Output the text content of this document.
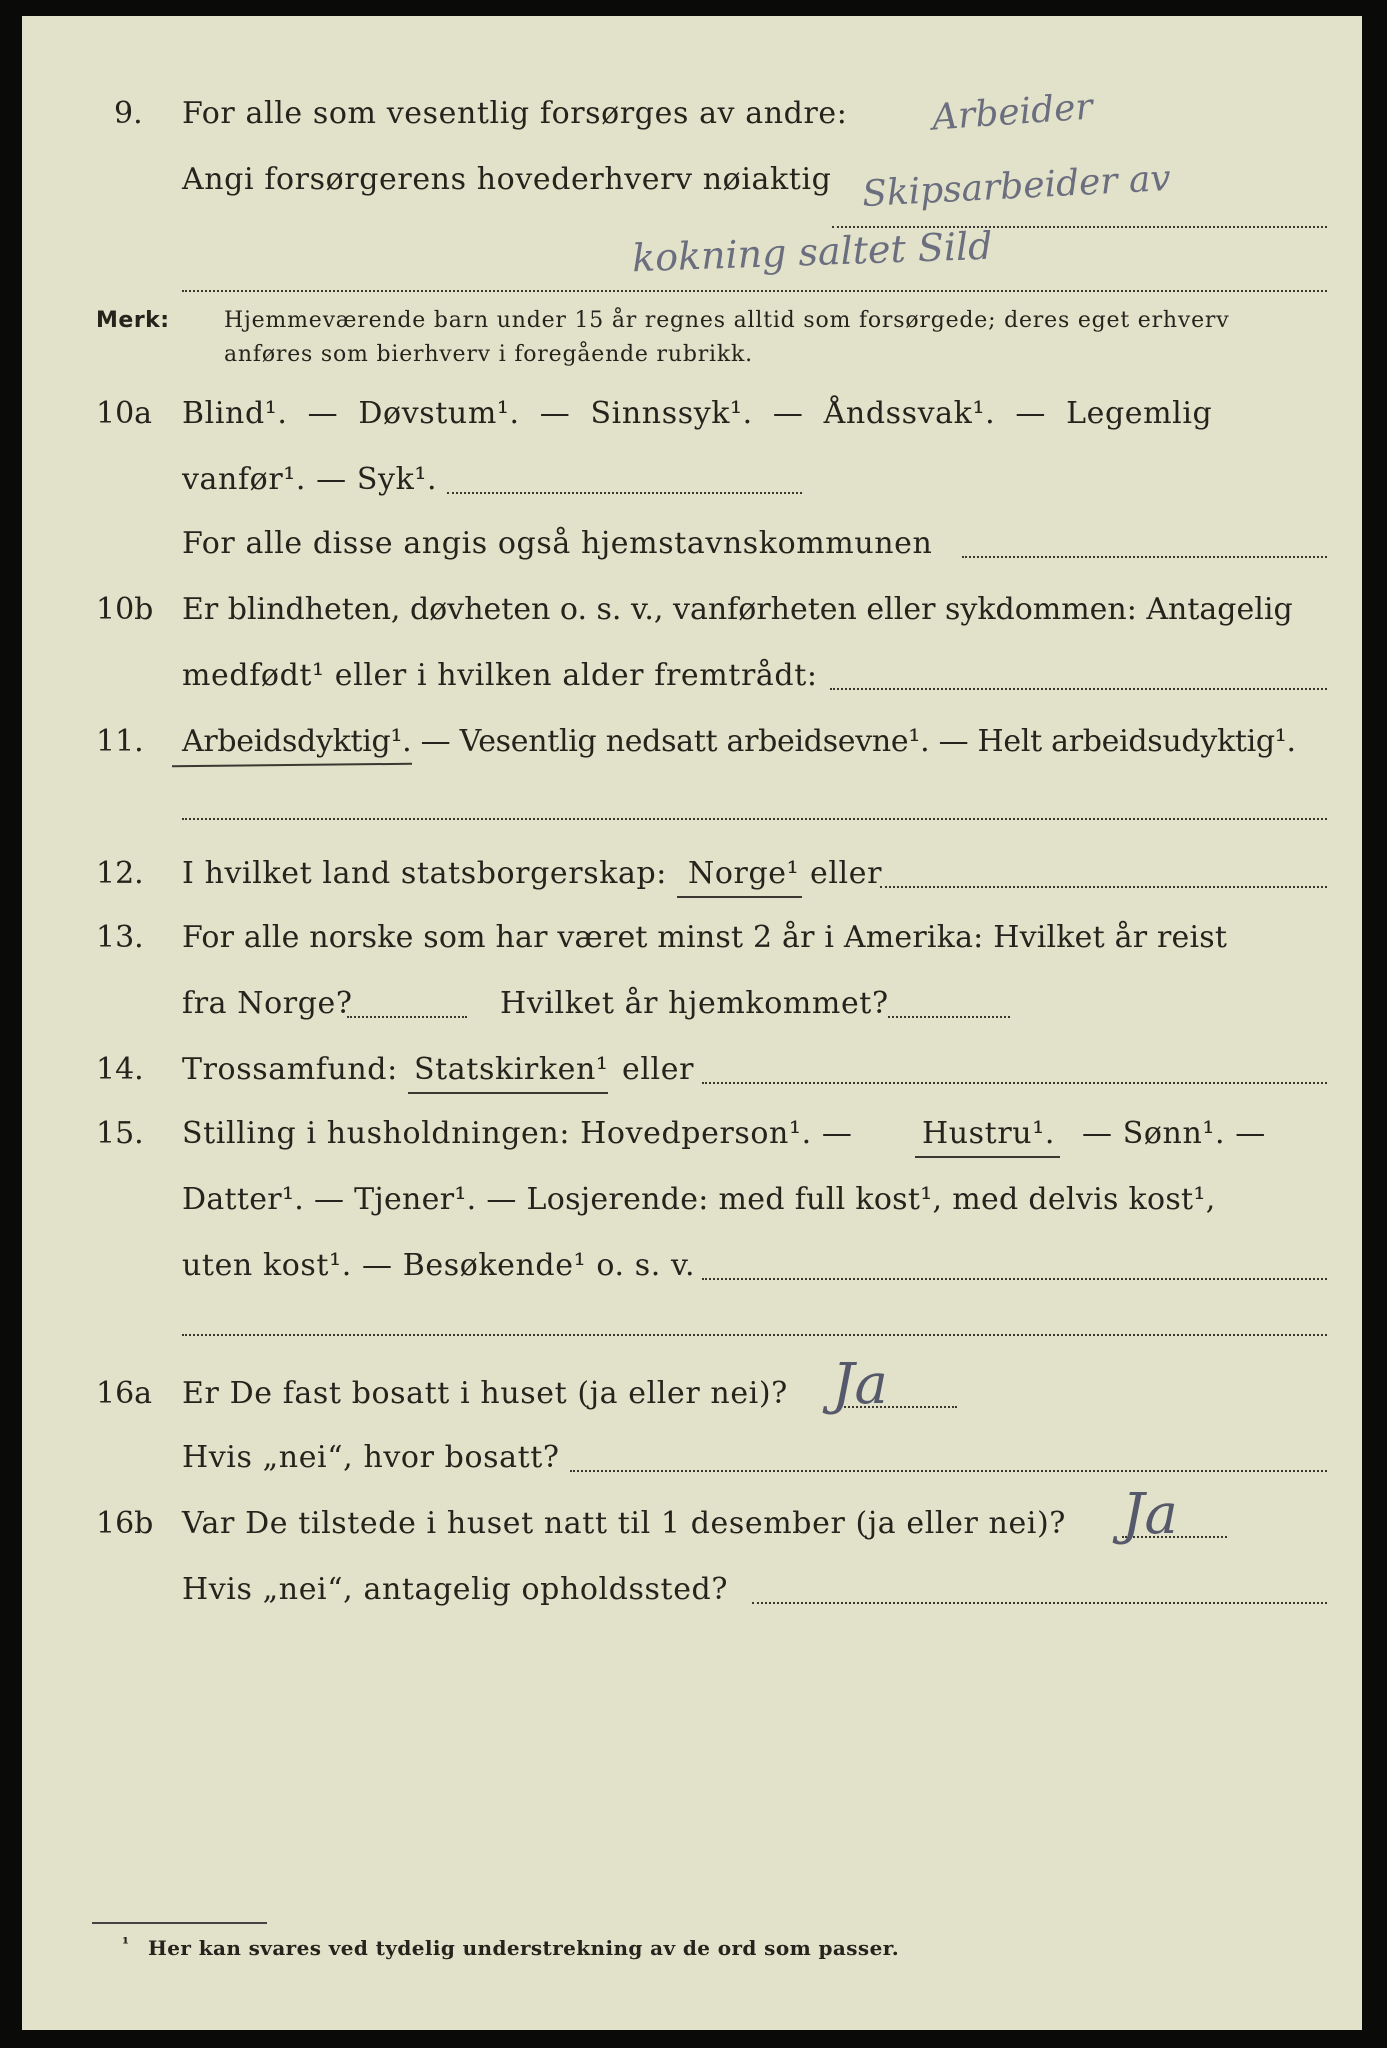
9. For alle som vesentlig forsørges av andre: Arbeider
Angi forsørgerens hovederhverv nøiaktig Skipsarbeider av
kokning saltet Sild
Merk: Hjemmeværende barn under 15 år regnes alltid som forsørgede; deres eget erhverv
anføres som bierhverv i foregående rubrikk.
10a Blind¹. — Døvstum¹. — Sinnssyk¹. — Åndssvak¹. — Legemlig
vanfør¹. — Syk¹.
For alle disse angis også hjemstavnskommunen
10b Er blindheten, døvheten o. s. v., vanførheten eller sykdommen: Antagelig
medfødt¹ eller i hvilken alder fremtrådt:
11. Arbeidsdyktig¹. — Vesentlig nedsatt arbeidsevne¹. — Helt arbeidsudyktig¹.
12. I hvilket land statsborgerskap: Norge¹ eller
13. For alle norske som har været minst 2 år i Amerika: Hvilket år reist
fra Norge?	Hvilket år hjemkommet?
14. Trossamfund: Statskirken¹ eller
15. Stilling i husholdningen: Hovedperson¹. — Hustru¹. — Sønn¹. —
Datter¹. — Tjener¹. — Losjerende: med full kost¹, med delvis kost¹,
uten kost¹. — Besøkende¹ o. s. v.
16a Er De fast bosatt i huset (ja eller nei)? Ja
Hvis „nei“, hvor bosatt?
16b Var De tilstede i huset natt til 1 desember (ja eller nei)? Ja
Hvis „nei“, antagelig opholdssted?
¹ Her kan svares ved tydelig understrekning av de ord som passer.
